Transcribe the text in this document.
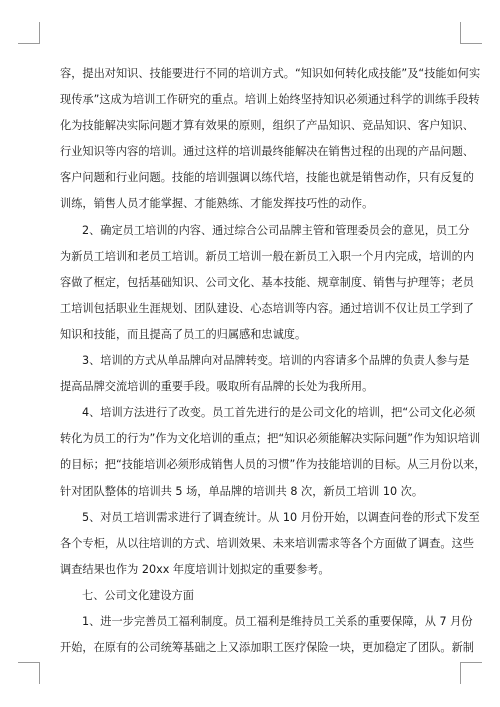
容，提出对知识、技能要进行不同的培训方式。“知识如何转化成技能”及“技能如何实
现传承”这成为培训工作研究的重点。培训上始终坚持知识必须通过科学的训练手段转
化为技能解决实际问题才算有效果的原则，组织了产品知识、竞品知识、客户知识、
行业知识等内容的培训。通过这样的培训最终能解决在销售过程的出现的产品问题、
客户问题和行业问题。技能的培训强调以练代培，技能也就是销售动作，只有反复的
训练，销售人员才能掌握、才能熟练、才能发挥技巧性的动作。
2、确定员工培训的内容、通过综合公司品牌主管和管理委员会的意见，员工分
为新员工培训和老员工培训。新员工培训一般在新员工入职一个月内完成，培训的内
容做了框定，包括基础知识、公司文化、基本技能、规章制度、销售与护理等；老员
工培训包括职业生涯规划、团队建设、心态培训等内容。通过培训不仅让员工学到了
知识和技能，而且提高了员工的归属感和忠诚度。
3、培训的方式从单品牌向对品牌转变。培训的内容请多个品牌的负责人参与是
提高品牌交流培训的重要手段。吸取所有品牌的长处为我所用。
4、培训方法进行了改变。员工首先进行的是公司文化的培训，把“公司文化必须
转化为员工的行为”作为文化培训的重点；把“知识必须能解决实际问题”作为知识培训
的目标；把“技能培训必须形成销售人员的习惯”作为技能培训的目标。从三月份以来，
针对团队整体的培训共 5 场，单品牌的培训共 8 次，新员工培训 10 次。
5、对员工培训需求进行了调查统计。从 10 月份开始，以调查问卷的形式下发至
各个专柜，从以往培训的方式、培训效果、未来培训需求等各个方面做了调查。这些
调查结果也作为 20xx 年度培训计划拟定的重要参考。
七、公司文化建设方面
1、进一步完善员工福利制度。员工福利是维持员工关系的重要保障，从 7 月份
开始，在原有的公司统筹基础之上又添加职工医疗保险一块，更加稳定了团队。新制
